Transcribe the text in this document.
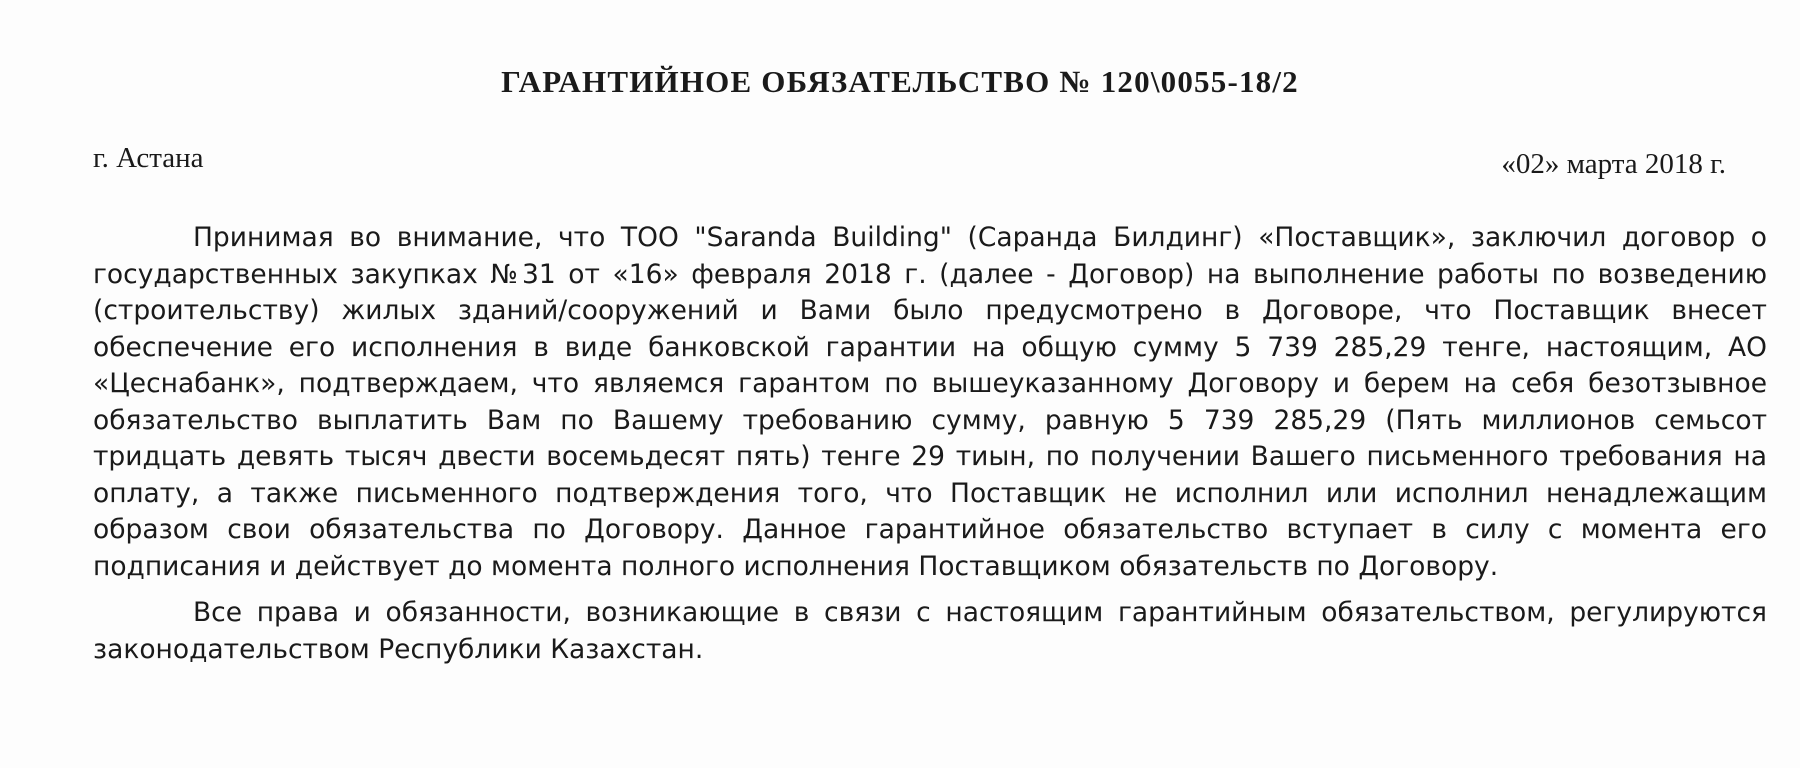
ГАРАНТИЙНОЕ ОБЯЗАТЕЛЬСТВО № 120\0055-18/2
г. Астана	«02» марта 2018 г.

Принимая во внимание, что ТОО "Saranda Building" (Саранда Билдинг) «Поставщик», заключил договор о государственных закупках №31 от «16» февраля 2018 г. (далее - Договор) на выполнение работы по возведению (строительству) жилых зданий/сооружений и Вами было предусмотрено в Договоре, что Поставщик внесет обеспечение его исполнения в виде банковской гарантии на общую сумму 5 739 285,29 тенге, настоящим, АО «Цеснабанк», подтверждаем, что являемся гарантом по вышеуказанному Договору и берем на себя безотзывное обязательство выплатить Вам по Вашему требованию сумму, равную 5 739 285,29 (Пять миллионов семьсот тридцать девять тысяч двести восемьдесят пять) тенге 29 тиын, по получении Вашего письменного требования на оплату, а также письменного подтверждения того, что Поставщик не исполнил или исполнил ненадлежащим образом свои обязательства по Договору. Данное гарантийное обязательство вступает в силу с момента его подписания и действует до момента полного исполнения Поставщиком обязательств по Договору.

Все права и обязанности, возникающие в связи с настоящим гарантийным обязательством, регулируются законодательством Республики Казахстан.
